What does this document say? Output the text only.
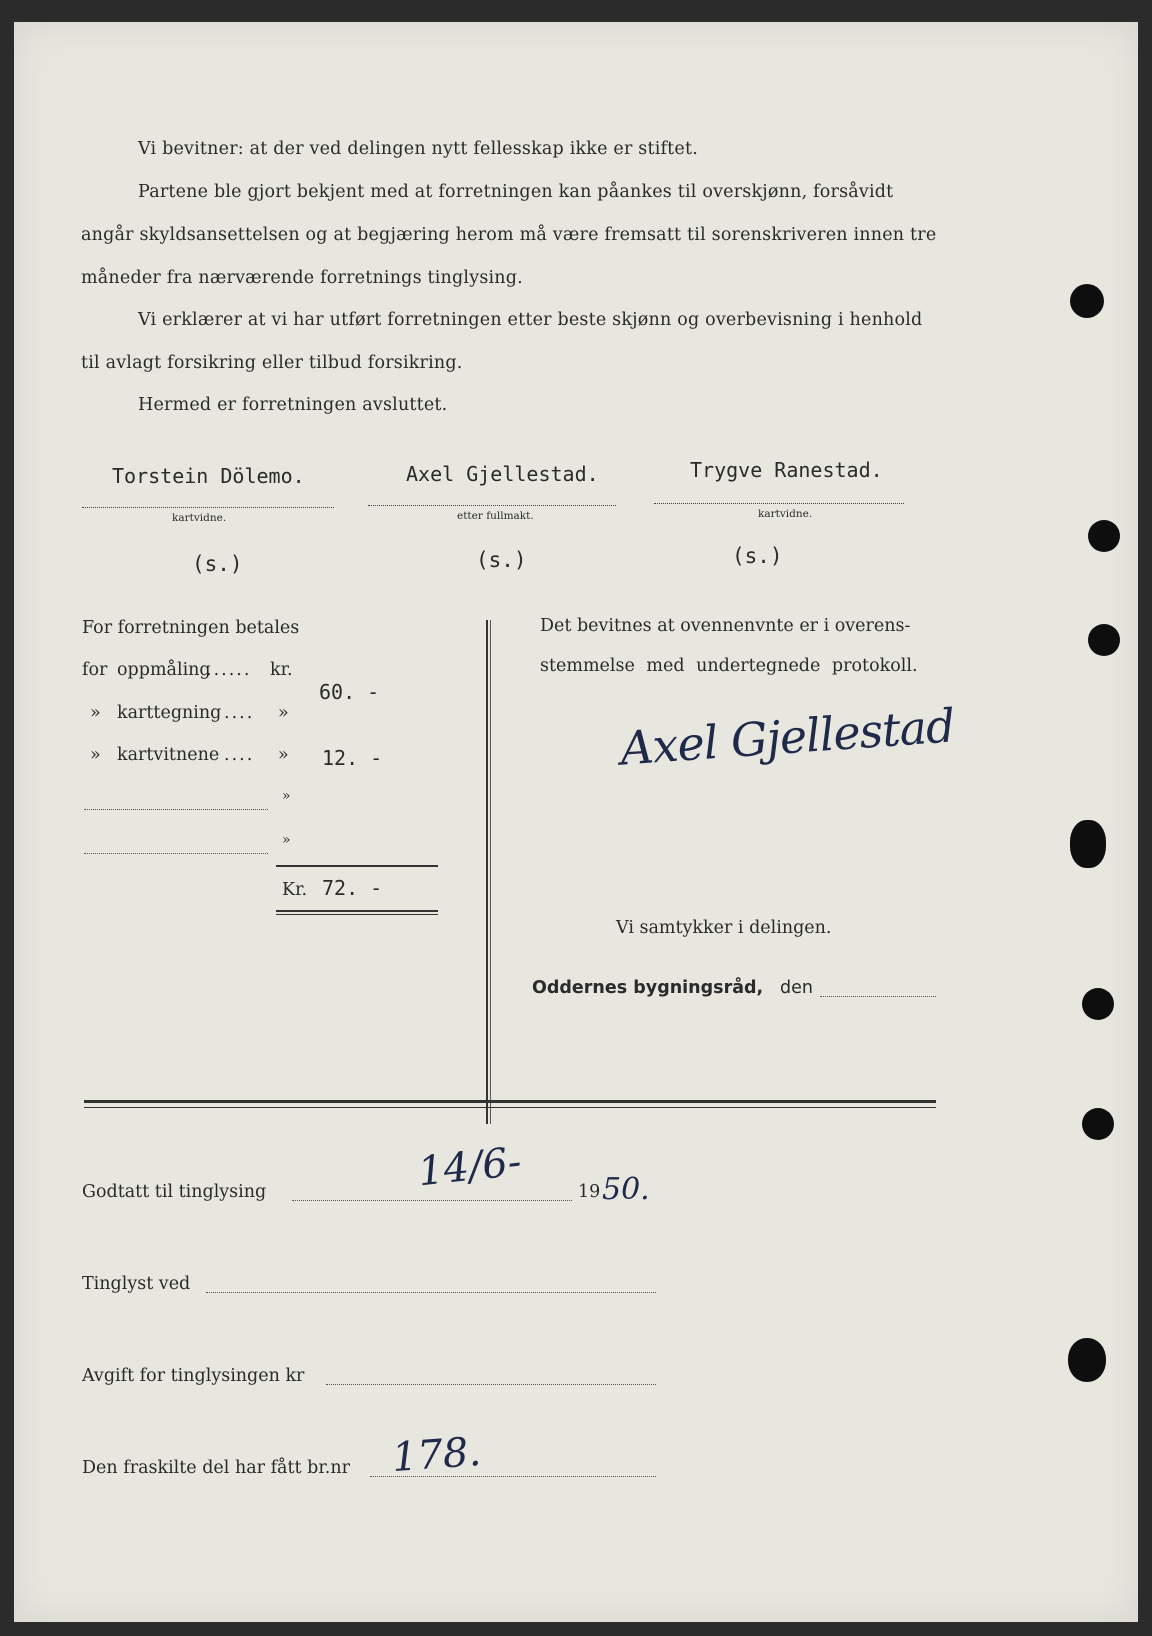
Vi bevitner: at der ved delingen nytt fellesskap ikke er stiftet.
Partene ble gjort bekjent med at forretningen kan påankes til overskjønn, forsåvidt
angår skyldsansettelsen og at begjæring herom må være fremsatt til sorenskriveren innen tre
måneder fra nærværende forretnings tinglysing.
Vi erklærer at vi har utført forretningen etter beste skjønn og overbevisning i henhold
til avlagt forsikring eller tilbud forsikring.
Hermed er forretningen avsluttet.
Torstein Dölemo.
kartvidne.
(s.)
Axel Gjellestad.
etter fullmakt.
(s.)
Trygve Ranestad.
kartvidne.
(s.)
For forretningen betales
for oppmåling
...... kr.
60. -
» karttegning .... »
» kartvitnene .... » 12. -
»
»
Kr. 72. -
Det bevitnes at ovennenvnte er i overens-
stemmelse med undertegnede protokoll.
Axel Gjellestad
Vi samtykker i delingen.
Oddernes bygningsråd, den
Godtatt til tinglysing	14/6-	19 50.
Tinglyst ved
Avgift for tinglysingen kr
Den fraskilte del har fått br.nr 178.
